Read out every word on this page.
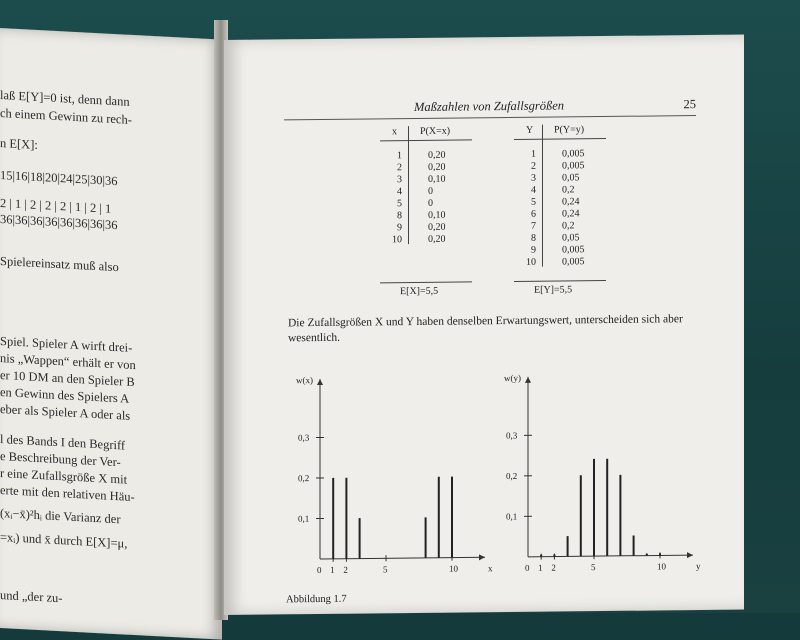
laß E[Y]=0 ist, denn dann
ch einem Gewinn zu rech-
n E[X]:
15|16|18|20|24|25|30|36
2 | 1 | 2 | 2 | 2 | 1 | 2 | 1
36|36|36|36|36|36|36|36
Spielereinsatz muß also
Spiel. Spieler A wirft drei-
nis „Wappen“ erhält er von
er 10 DM an den Spieler B
en Gewinn des Spielers A
eber als Spieler A oder als
l des Bands I den Begriff
e Beschreibung der Ver-
r eine Zufallsgröße X mit
erte mit den relativen Häu-
(xᵢ−x̄)²hᵢ die Varianz der
=xᵢ) und x̄ durch E[X]=μ,
und „der zu-
Maßzahlen von Zufallsgrößen	25
x P(X=x)
1	0,20
2	0,20
3	0,10
4	0
5	0
8	0,10
9	0,20
10	0,20
E[X]=5,5
Y P(Y=y)
1	0,005
2	0,005
3	0,05
4	0,2
5	0,24
6	0,24
7	0,2
8	0,05
9	0,005
10	0,005
E[Y]=5,5
Die Zufallsgrößen X und Y haben denselben Erwartungswert, unterscheiden sich aber wesentlich.
w(x)
x
0,1
0,2
0,3
0 1 2	5	10
w(y)
y
0,1
0,2
0,3
0 1 2	5	10
Abbildung 1.7
